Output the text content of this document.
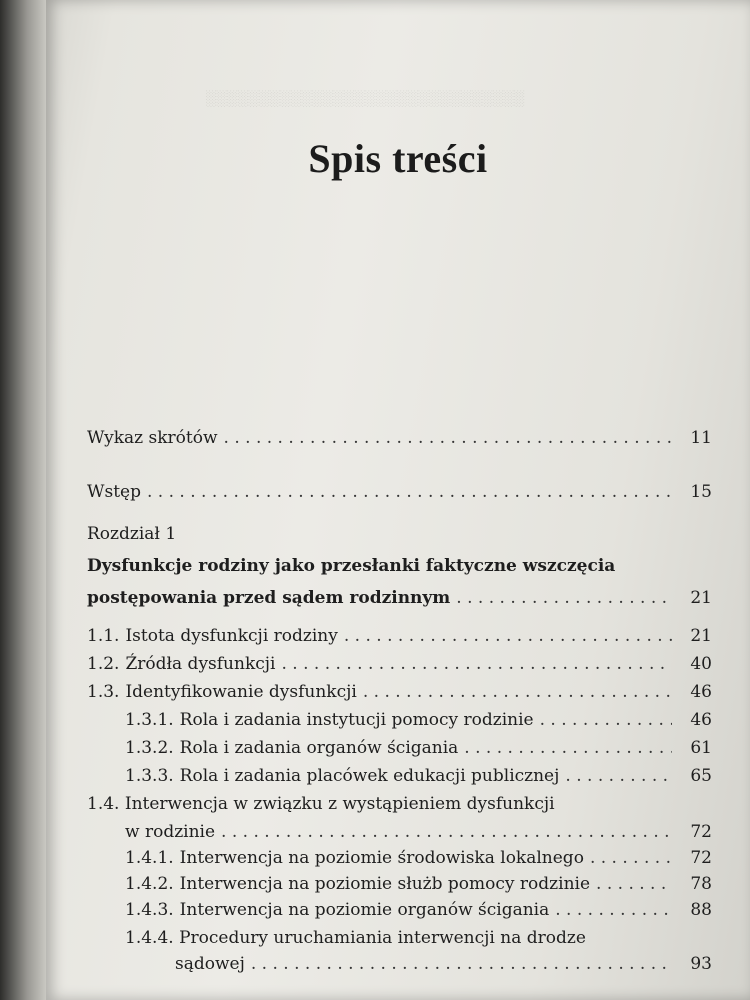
░░░░░░░░░░░░░░░░░░░░░░░░░░░░░░
Spis treści
Wykaz skrótów . . .	11
Wstęp . . .	15
Rozdział 1
Dysfunkcje rodziny jako przesłanki faktyczne wszczęcia
postępowania przed sądem rodzinnym . . .	21
1.1. Istota dysfunkcji rodziny . . .	21
1.2. Źródła dysfunkcji . . .	40
1.3. Identyfikowanie dysfunkcji . . .	46
1.3.1. Rola i zadania instytucji pomocy rodzinie . . .	46
1.3.2. Rola i zadania organów ścigania . . .	61
1.3.3. Rola i zadania placówek edukacji publicznej . . .	65
1.4. Interwencja w związku z wystąpieniem dysfunkcji
w rodzinie . . .	72
1.4.1. Interwencja na poziomie środowiska lokalnego . . .	72
1.4.2. Interwencja na poziomie służb pomocy rodzinie . . .	78
1.4.3. Interwencja na poziomie organów ścigania . . .	88
1.4.4. Procedury uruchamiania interwencji na drodze
sądowej . . .	93
